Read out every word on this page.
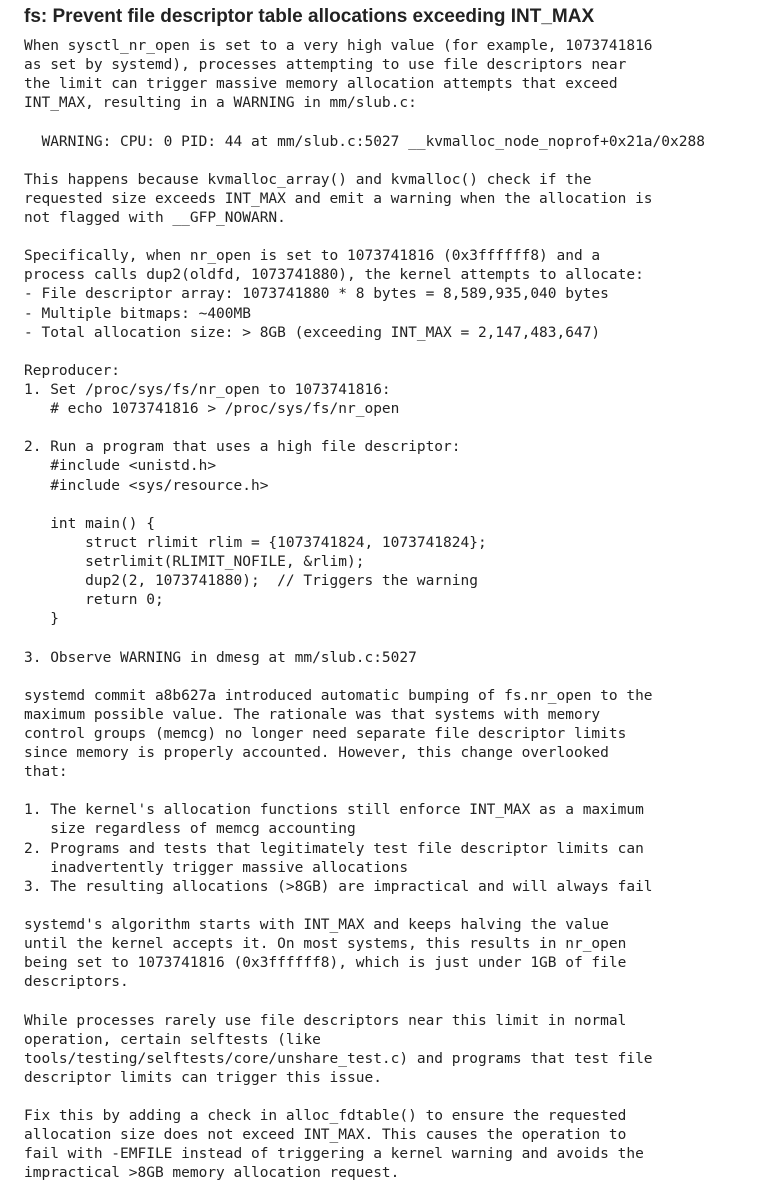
fs: Prevent file descriptor table allocations exceeding INT_MAX
When sysctl_nr_open is set to a very high value (for example, 1073741816
as set by systemd), processes attempting to use file descriptors near
the limit can trigger massive memory allocation attempts that exceed
INT_MAX, resulting in a WARNING in mm/slub.c:
WARNING: CPU: 0 PID: 44 at mm/slub.c:5027 __kvmalloc_node_noprof+0x21a/0x288
This happens because kvmalloc_array() and kvmalloc() check if the
requested size exceeds INT_MAX and emit a warning when the allocation is
not flagged with __GFP_NOWARN.
Specifically, when nr_open is set to 1073741816 (0x3ffffff8) and a
process calls dup2(oldfd, 1073741880), the kernel attempts to allocate:
- File descriptor array: 1073741880 * 8 bytes = 8,589,935,040 bytes
- Multiple bitmaps: ~400MB
- Total allocation size: > 8GB (exceeding INT_MAX = 2,147,483,647)
Reproducer:
1. Set /proc/sys/fs/nr_open to 1073741816:
# echo 1073741816 > /proc/sys/fs/nr_open
2. Run a program that uses a high file descriptor:
#include <unistd.h>
#include <sys/resource.h>
int main() {
struct rlimit rlim = {1073741824, 1073741824};
setrlimit(RLIMIT_NOFILE, &rlim);
dup2(2, 1073741880);  // Triggers the warning
return 0;
}
3. Observe WARNING in dmesg at mm/slub.c:5027
systemd commit a8b627a introduced automatic bumping of fs.nr_open to the
maximum possible value. The rationale was that systems with memory
control groups (memcg) no longer need separate file descriptor limits
since memory is properly accounted. However, this change overlooked
that:
1. The kernel's allocation functions still enforce INT_MAX as a maximum
size regardless of memcg accounting
2. Programs and tests that legitimately test file descriptor limits can
inadvertently trigger massive allocations
3. The resulting allocations (>8GB) are impractical and will always fail
systemd's algorithm starts with INT_MAX and keeps halving the value
until the kernel accepts it. On most systems, this results in nr_open
being set to 1073741816 (0x3ffffff8), which is just under 1GB of file
descriptors.
While processes rarely use file descriptors near this limit in normal
operation, certain selftests (like
tools/testing/selftests/core/unshare_test.c) and programs that test file
descriptor limits can trigger this issue.
Fix this by adding a check in alloc_fdtable() to ensure the requested
allocation size does not exceed INT_MAX. This causes the operation to
fail with -EMFILE instead of triggering a kernel warning and avoids the
impractical >8GB memory allocation request.
